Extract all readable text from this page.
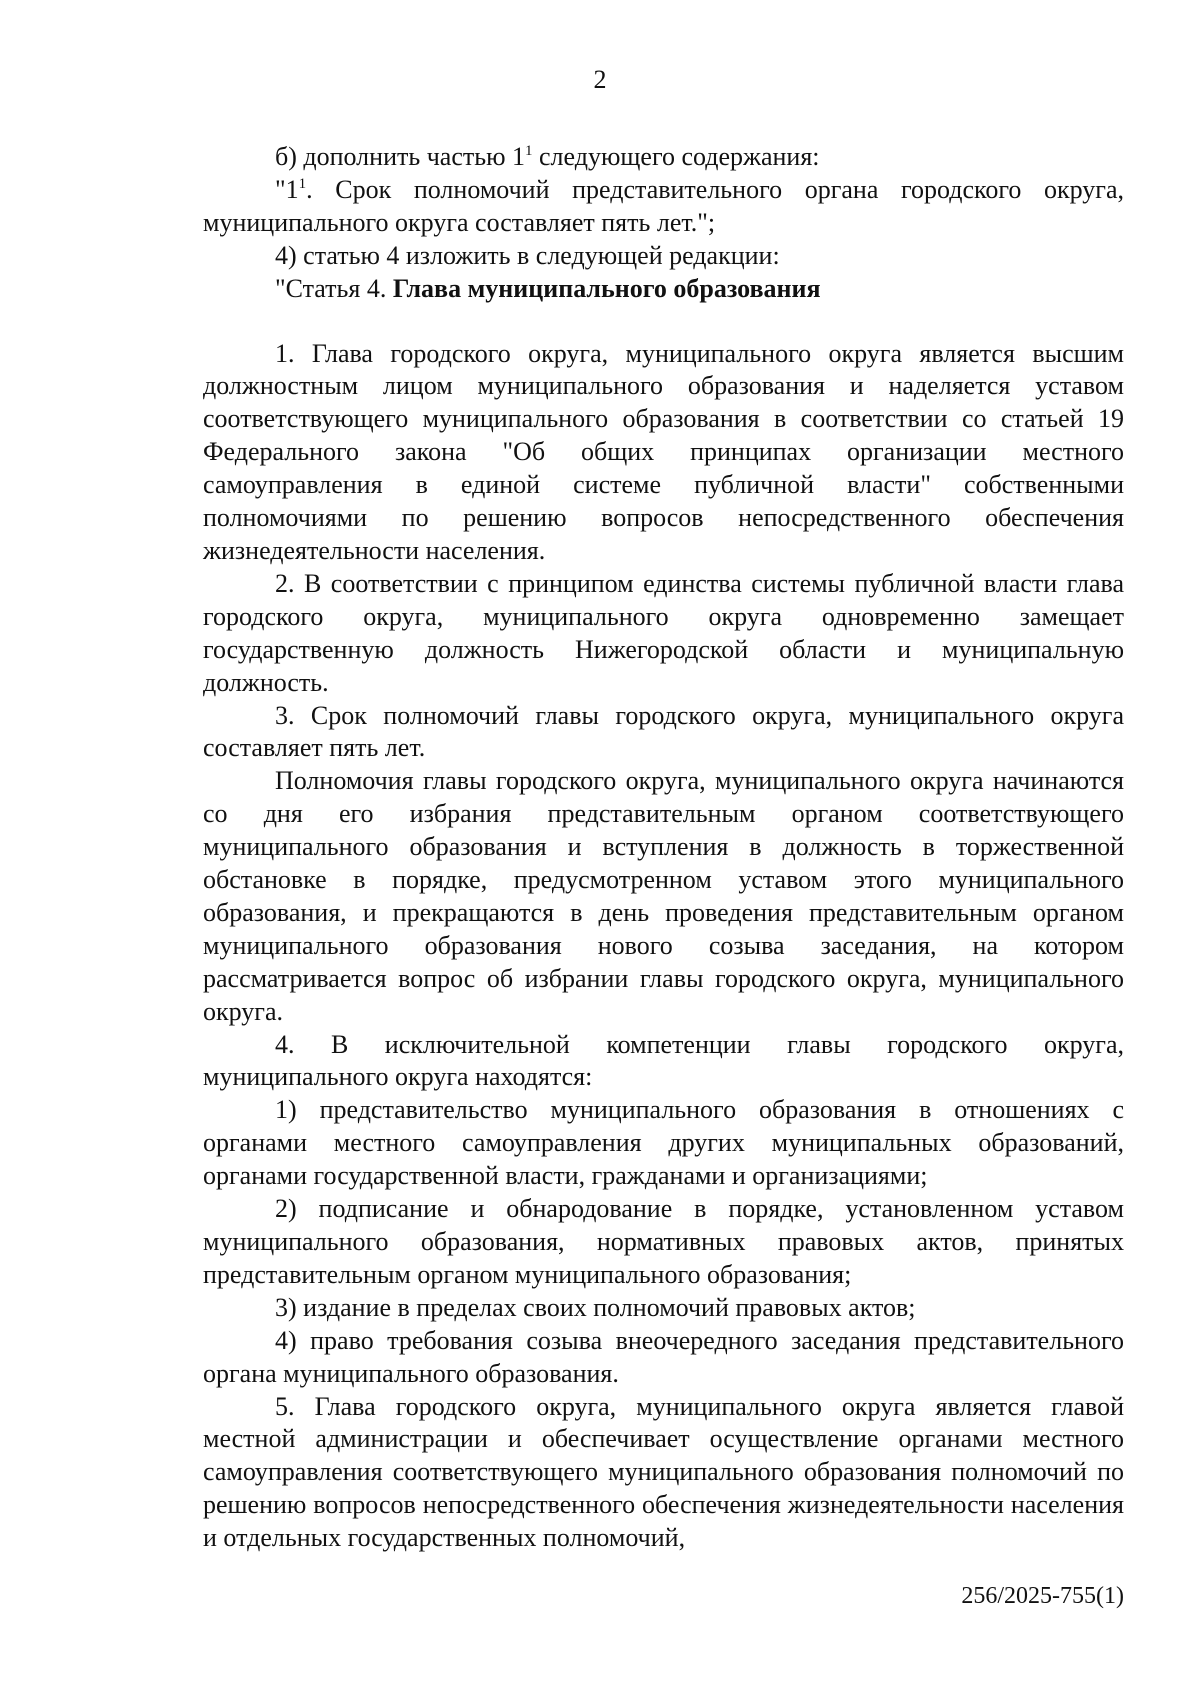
2

б) дополнить частью $1^1$ следующего содержания:

"$1^1$. Срок полномочий представительного органа городского округа, муниципального округа составляет пять лет.";

4) статью 4 изложить в следующей редакции:

"Статья 4. Глава муниципального образования

1. Глава городского округа, муниципального округа является высшим должностным лицом муниципального образования и наделяется уставом соответствующего муниципального образования в соответствии со статьей 19 Федерального закона "Об общих принципах организации местного самоуправления в единой системе публичной власти" собственными полномочиями по решению вопросов непосредственного обеспечения жизнедеятельности населения.

2. В соответствии с принципом единства системы публичной власти глава городского округа, муниципального округа одновременно замещает государственную должность Нижегородской области и муниципальную должность.

3. Срок полномочий главы городского округа, муниципального округа составляет пять лет.

Полномочия главы городского округа, муниципального округа начинаются со дня его избрания представительным органом соответствующего муниципального образования и вступления в должность в торжественной обстановке в порядке, предусмотренном уставом этого муниципального образования, и прекращаются в день проведения представительным органом муниципального образования нового созыва заседания, на котором рассматривается вопрос об избрании главы городского округа, муниципального округа.

4. В исключительной компетенции главы городского округа, муниципального округа находятся:

1) представительство муниципального образования в отношениях с органами местного самоуправления других муниципальных образований, органами государственной власти, гражданами и организациями;

2) подписание и обнародование в порядке, установленном уставом муниципального образования, нормативных правовых актов, принятых представительным органом муниципального образования;

3) издание в пределах своих полномочий правовых актов;

4) право требования созыва внеочередного заседания представительного органа муниципального образования.

5. Глава городского округа, муниципального округа является главой местной администрации и обеспечивает осуществление органами местного самоуправления соответствующего муниципального образования полномочий по решению вопросов непосредственного обеспечения жизнедеятельности населения и отдельных государственных полномочий,

256/2025-755(1)
